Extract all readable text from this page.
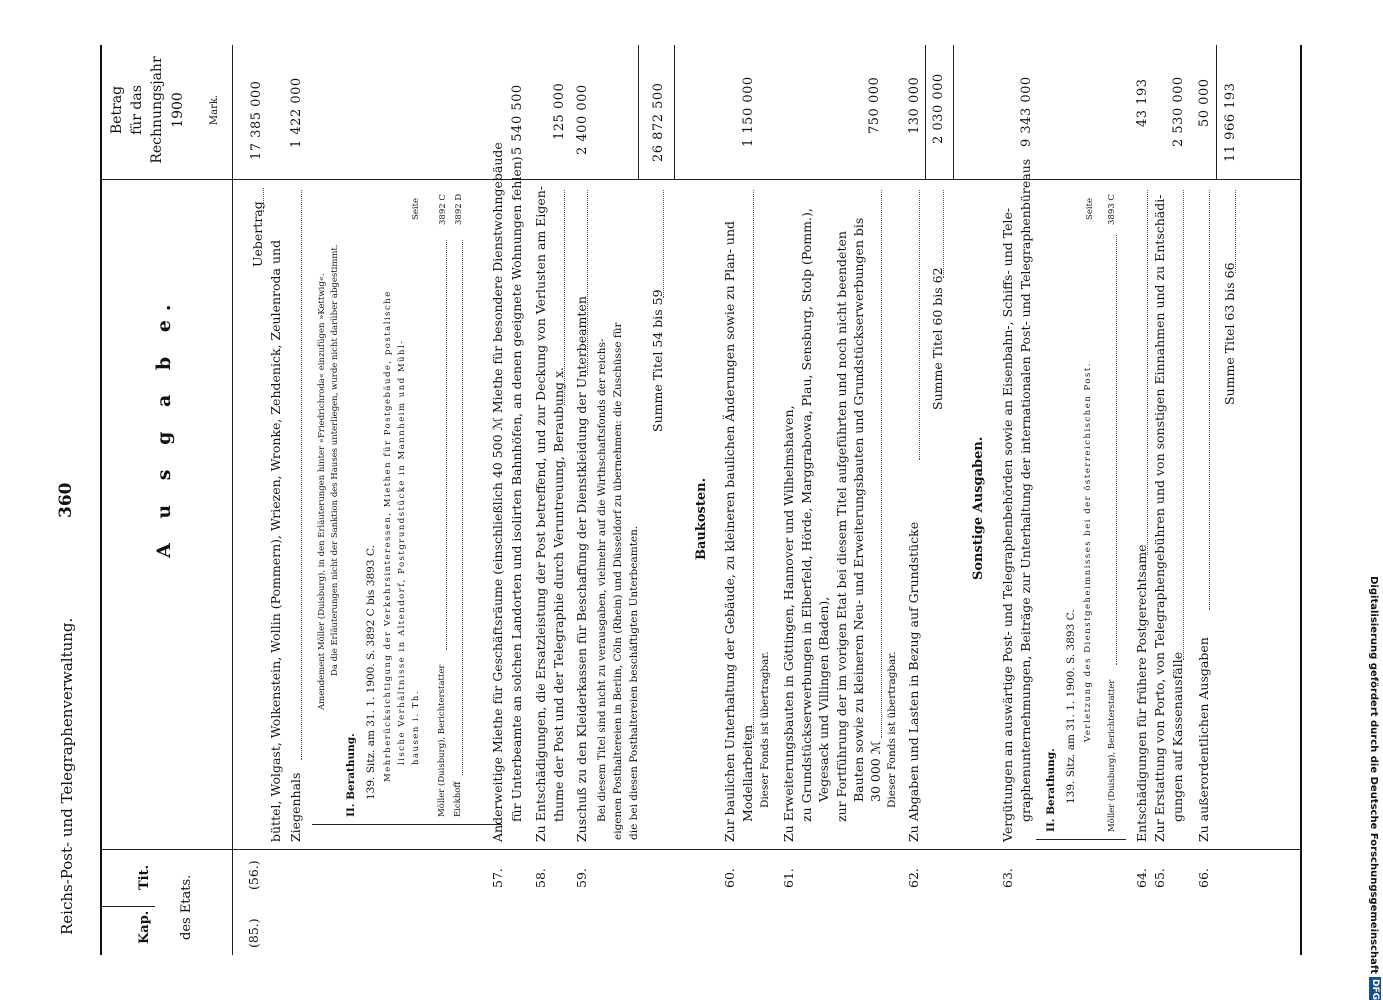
Reichs-Post- und Telegraphenverwaltung.
360
Kap.
Tit. des Etats.
A u s g a b e.
Betrag für das Rechnungsjahr 1900 Mark.
(85.)
(56.)
büttel, Wolgast, Wolkenstein, Wollin (Pommern), Wriezen, Wronke, Zehdenick, Zeulenroda und Ziegenhals
Uebertrag
17 385 000 1 422 000
Amendement Möller (Duisburg), in den Erläuterungen hinter »Friedrichroda« einzufügen »Kettwig«. Da die Erläuterungen nicht der Sanktion des Hauses unterliegen, wurde nicht darüber abgestimmt.
II. Berathung. 139. Sitz. am 31. 1. 1900. S. 3892 C bis 3893 C. Mehrberücksichtigung der Verkehrsinteressen, Miethen für Postgebäude, postalische lische Verhältnisse in Altendorf, Postgrundstücke in Mannheim und Mühl- hausen i. Th.
Seite
Möller (Duisburg), Berichterstatter
3892 C
Eickhoff
3892 D
57.
Anderweitige Miethe für Geschäftsräume (einschließlich 40 500 ℳ Miethe für besondere Dienstwohngebäude für Unterbeamte an solchen Landorten und isolirten Bahnhöfen, an denen geeignete Wohnungen fehlen)
5 540 500
58.
Zu Entschädigungen, die Ersatzleistung der Post betreffend, und zur Deckung von Verlusten am Eigen- thume der Post und der Telegraphie durch Veruntreuung, Beraubung x.
125 000
59.
Zuschuß zu den Kleiderkassen für Beschaffung der Dienstkleidung der Unterbeamten
2 400 000
Bei diesem Titel sind nicht zu verausgaben, vielmehr auf die Wirthschaftsfonds der reichs- eigenen Posthaltereien in Berlin, Cöln (Rhein) und Düsseldorf zu übernehmen: die Zuschüsse für die bei diesen Posthaltereien beschäftigten Unterbeamten.
Summe Titel 54 bis 59
26 872 500
Baukosten.
60.
Zur baulichen Unterhaltung der Gebäude, zu kleineren baulichen Änderungen sowie zu Plan- und Modellarbeiten
1 150 000
Dieser Fonds ist übertragbar.
61.
Zu Erweiterungsbauten in Göttingen, Hannover und Wilhelmshaven, zu Grundstückserwerbungen in Elberfeld, Hörde, Marggrabowa, Plau, Sensburg, Stolp (Pomm.), Vegesack und Villingen (Baden), zur Fortführung der im vorigen Etat bei diesem Titel aufgeführten und noch nicht beendeten Bauten sowie zu kleineren Neu- und Erweiterungsbauten und Grundstückserwerbungen bis 30 000 ℳ
750 000
Dieser Fonds ist übertragbar.
62.
Zu Abgaben und Lasten in Bezug auf Grundstücke
130 000
Summe Titel 60 bis 62
2 030 000
Sonstige Ausgaben.
63.
Vergütungen an auswärtige Post- und Telegraphenbehörden sowie an Eisenbahn-, Schiffs- und Tele- graphenunternehmungen, Beiträge zur Unterhaltung der internationalen Post- und Telegraphenbüreaus
9 343 000
II. Berathung. 139. Sitz. am 31. 1. 1900. S. 3893 C. Verletzung des Dienstgeheimnisses bei der österreichischen Post.
Seite
Möller (Duisburg), Berichterstatter
3893 C
64.
Entschädigungen für frühere Postgerechtsame
43 193
65.
Zur Erstattung von Porto, von Telegraphengebühren und von sonstigen Einnahmen und zu Entschädi- gungen auf Kassenausfälle
2 530 000
66.
Zu außerordentlichen Ausgaben
50 000
Summe Titel 63 bis 66
11 966 193
Digitalisierung gefördert durch die Deutsche Forschungsgemeinschaft
DFG
